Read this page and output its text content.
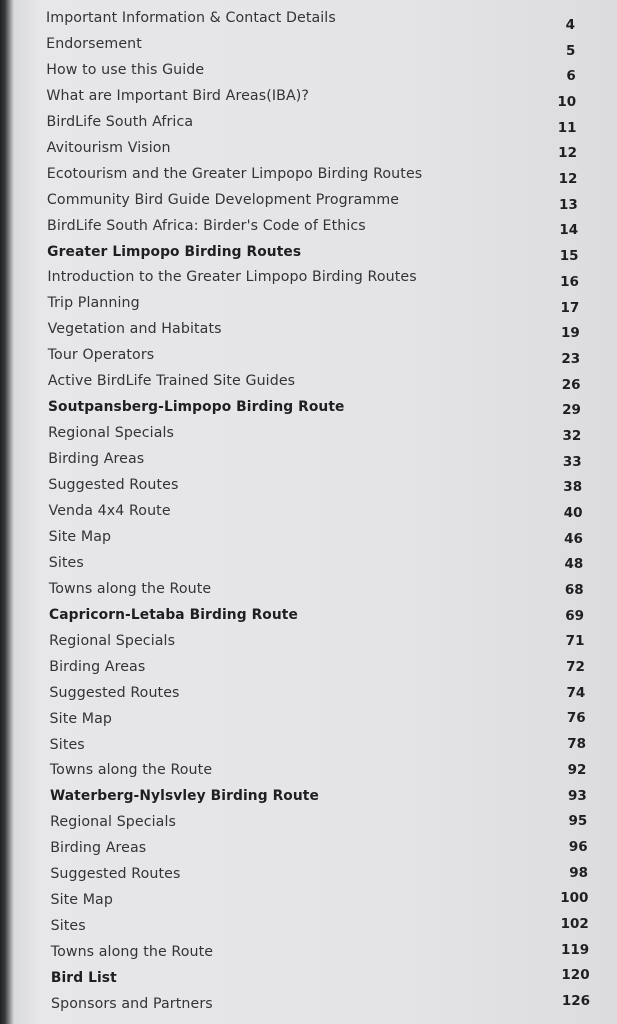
Important Information & Contact Details	4
Endorsement	5
How to use this Guide	6
What are Important Bird Areas(IBA)?	10
BirdLife South Africa	11
Avitourism Vision	12
Ecotourism and the Greater Limpopo Birding Routes	12
Community Bird Guide Development Programme	13
BirdLife South Africa: Birder's Code of Ethics	14
Greater Limpopo Birding Routes	15
Introduction to the Greater Limpopo Birding Routes	16
Trip Planning	17
Vegetation and Habitats	19
Tour Operators	23
Active BirdLife Trained Site Guides	26
Soutpansberg-Limpopo Birding Route	29
Regional Specials	32
Birding Areas	33
Suggested Routes	38
Venda 4x4 Route	40
Site Map	46
Sites	48
Towns along the Route	68
Capricorn-Letaba Birding Route	69
Regional Specials	71
Birding Areas	72
Suggested Routes	74
Site Map	76
Sites	78
Towns along the Route	92
Waterberg-Nylsvley Birding Route	93
Regional Specials	95
Birding Areas	96
Suggested Routes	98
Site Map	100
Sites	102
Towns along the Route	119
Bird List	120
Sponsors and Partners	126
